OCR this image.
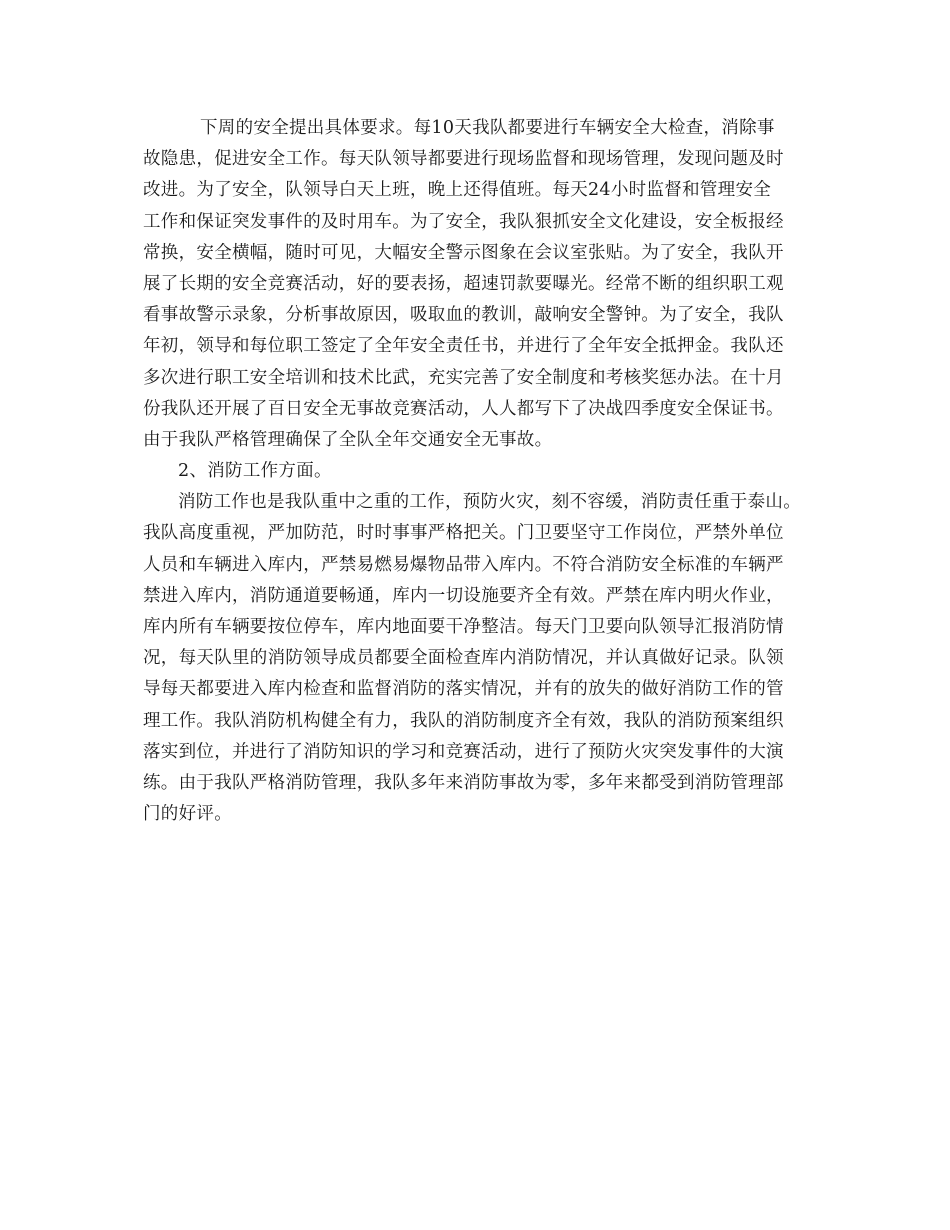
下周的安全提出具体要求。每10天我队都要进行车辆安全大检查，消除事
故隐患，促进安全工作。每天队领导都要进行现场监督和现场管理，发现问题及时
改进。为了安全，队领导白天上班，晚上还得值班。每天24小时监督和管理安全
工作和保证突发事件的及时用车。为了安全，我队狠抓安全文化建设，安全板报经
常换，安全横幅，随时可见，大幅安全警示图象在会议室张贴。为了安全，我队开
展了长期的安全竞赛活动，好的要表扬，超速罚款要曝光。经常不断的组织职工观
看事故警示录象，分析事故原因，吸取血的教训，敲响安全警钟。为了安全，我队
年初，领导和每位职工签定了全年安全责任书，并进行了全年安全抵押金。我队还
多次进行职工安全培训和技术比武，充实完善了安全制度和考核奖惩办法。在十月
份我队还开展了百日安全无事故竞赛活动，人人都写下了决战四季度安全保证书。
由于我队严格管理确保了全队全年交通安全无事故。
2、消防工作方面。
消防工作也是我队重中之重的工作，预防火灾，刻不容缓，消防责任重于泰山。
我队高度重视，严加防范，时时事事严格把关。门卫要坚守工作岗位，严禁外单位
人员和车辆进入库内，严禁易燃易爆物品带入库内。不符合消防安全标准的车辆严
禁进入库内，消防通道要畅通，库内一切设施要齐全有效。严禁在库内明火作业，
库内所有车辆要按位停车，库内地面要干净整洁。每天门卫要向队领导汇报消防情
况，每天队里的消防领导成员都要全面检查库内消防情况，并认真做好记录。队领
导每天都要进入库内检查和监督消防的落实情况，并有的放失的做好消防工作的管
理工作。我队消防机构健全有力，我队的消防制度齐全有效，我队的消防预案组织
落实到位，并进行了消防知识的学习和竞赛活动，进行了预防火灾突发事件的大演
练。由于我队严格消防管理，我队多年来消防事故为零，多年来都受到消防管理部
门的好评。
